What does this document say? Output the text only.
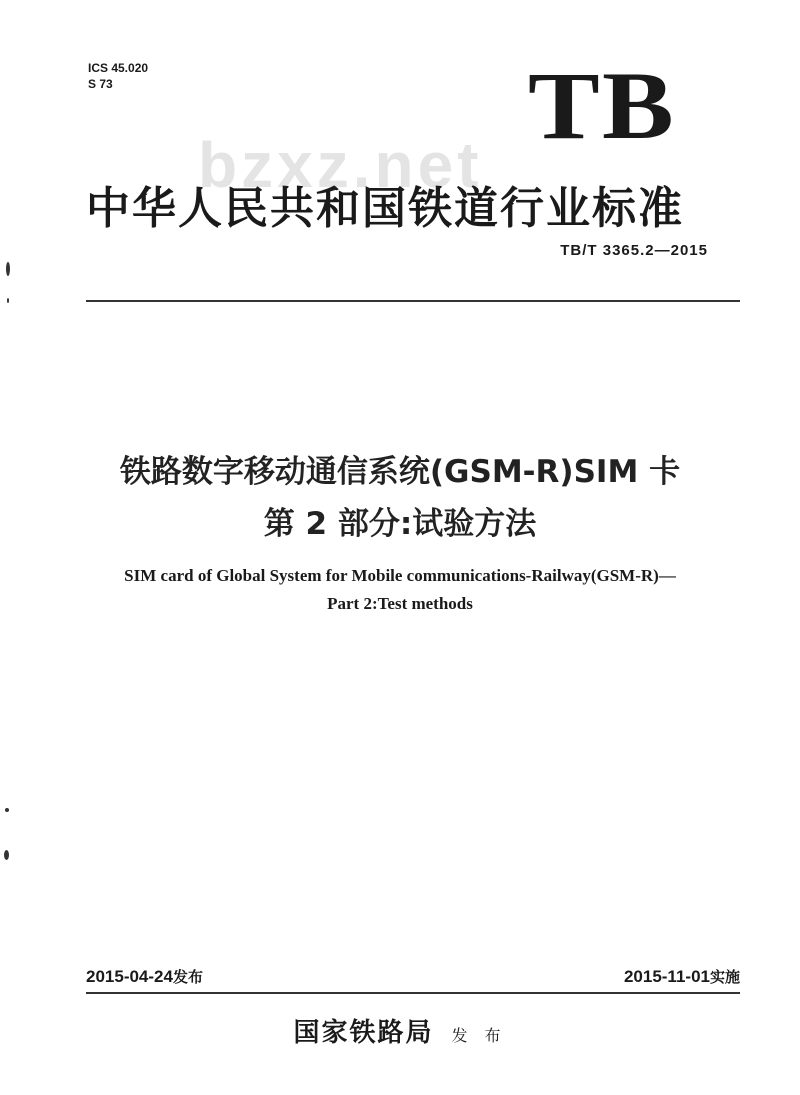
ICS 45.020
S 73	TB
bzxz.net
中华人民共和国铁道行业标准
TB/T 3365.2—2015
铁路数字移动通信系统(GSM-R)SIM 卡
第 2 部分:试验方法
SIM card of Global System for Mobile communications-Railway(GSM-R)—
Part 2:Test methods
2015-04-24发布	2015-11-01实施
国家铁路局 发 布
